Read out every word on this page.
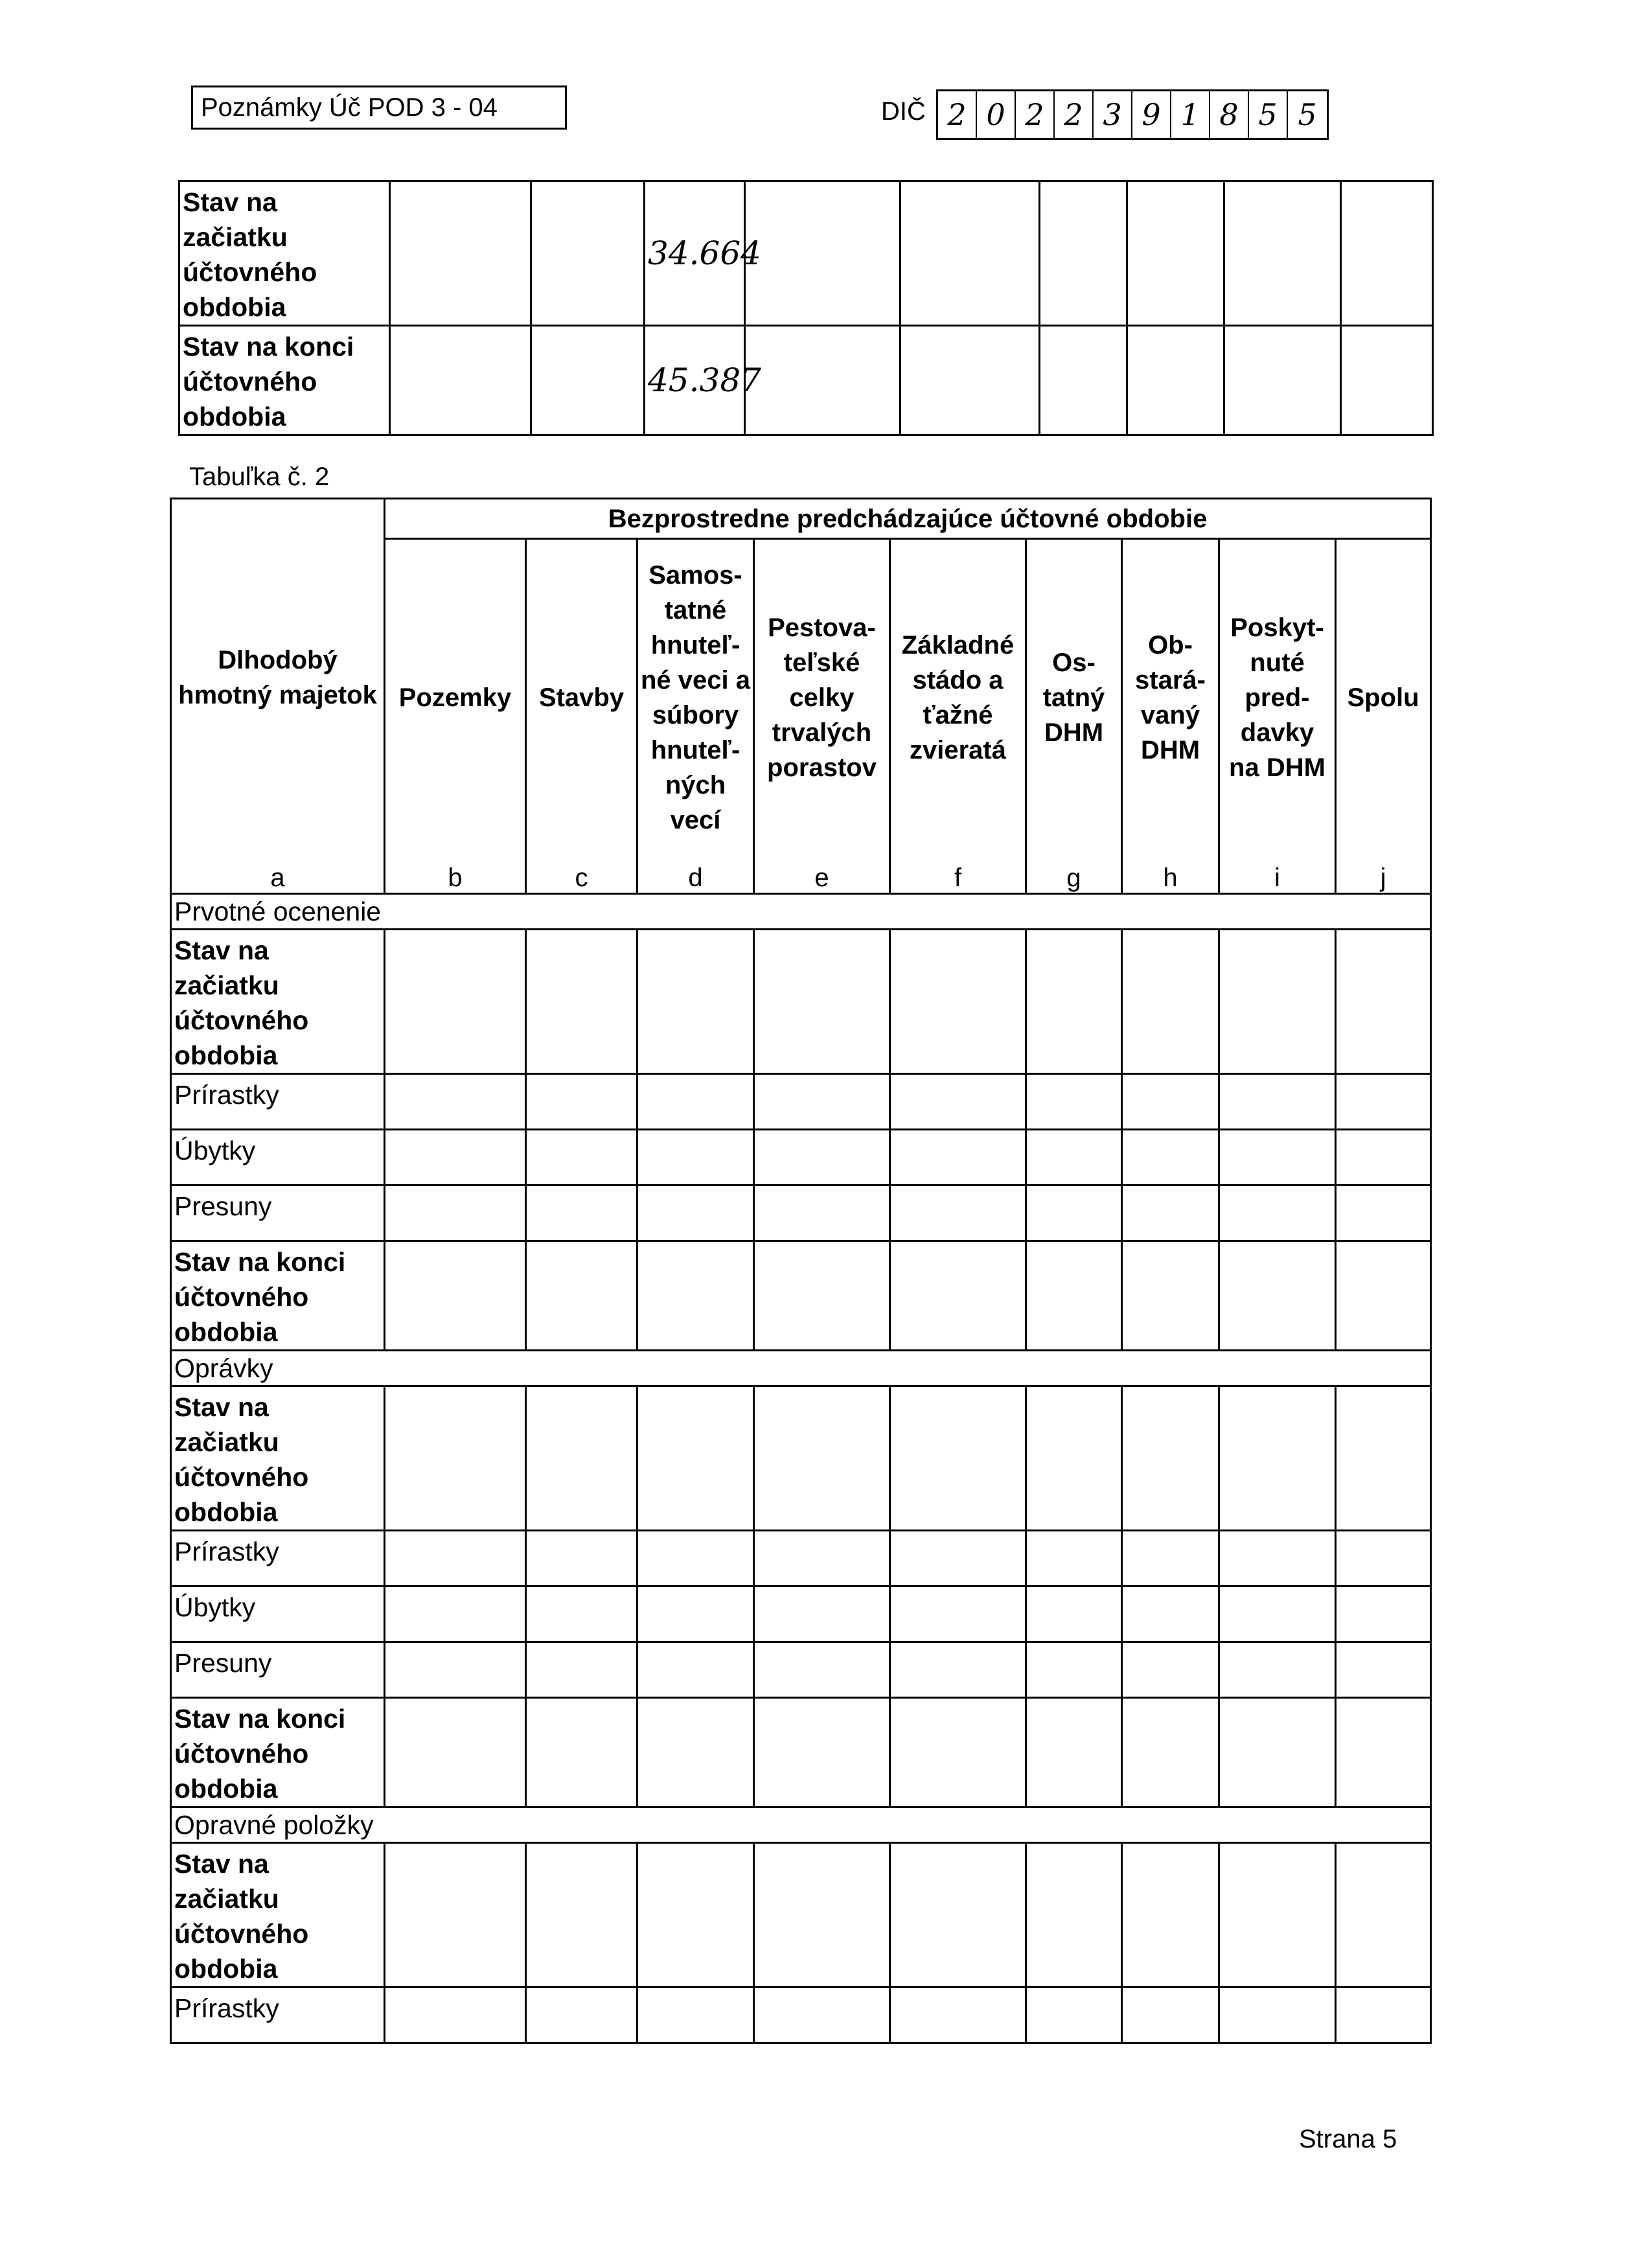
Poznámky Úč POD 3 - 04	DIČ 2 0 2 2 3 9 1 8 5 5
Stav na začiatku účtovného obdobia			34.664						
Stav na konci účtovného obdobia			45.387						
Tabuľka č. 2
Dlhodobý hmotný majetok	Bezprostredne predchádzajúce účtovné obdobie								
	Pozemky	Stavby	Samos-tatné hnuteľ-né veci a súbory hnuteľ-ných vecí	Pestova-teľské celky trvalých porastov	Základné stádo a ťažné zvieratá	Os-tatný DHM	Ob-stará-vaný DHM	Poskyt-nuté pred-davky na DHM	Spolu
a	b	c	d	e	f	g	h	i	j
Prvotné ocenenie									
Stav na začiatku účtovného obdobia									
Prírastky									
Úbytky									
Presuny									
Stav na konci účtovného obdobia									
Oprávky									
Stav na začiatku účtovného obdobia									
Prírastky									
Úbytky									
Presuny									
Stav na konci účtovného obdobia									
Opravné položky									
Stav na začiatku účtovného obdobia									
Prírastky									
Strana 5
